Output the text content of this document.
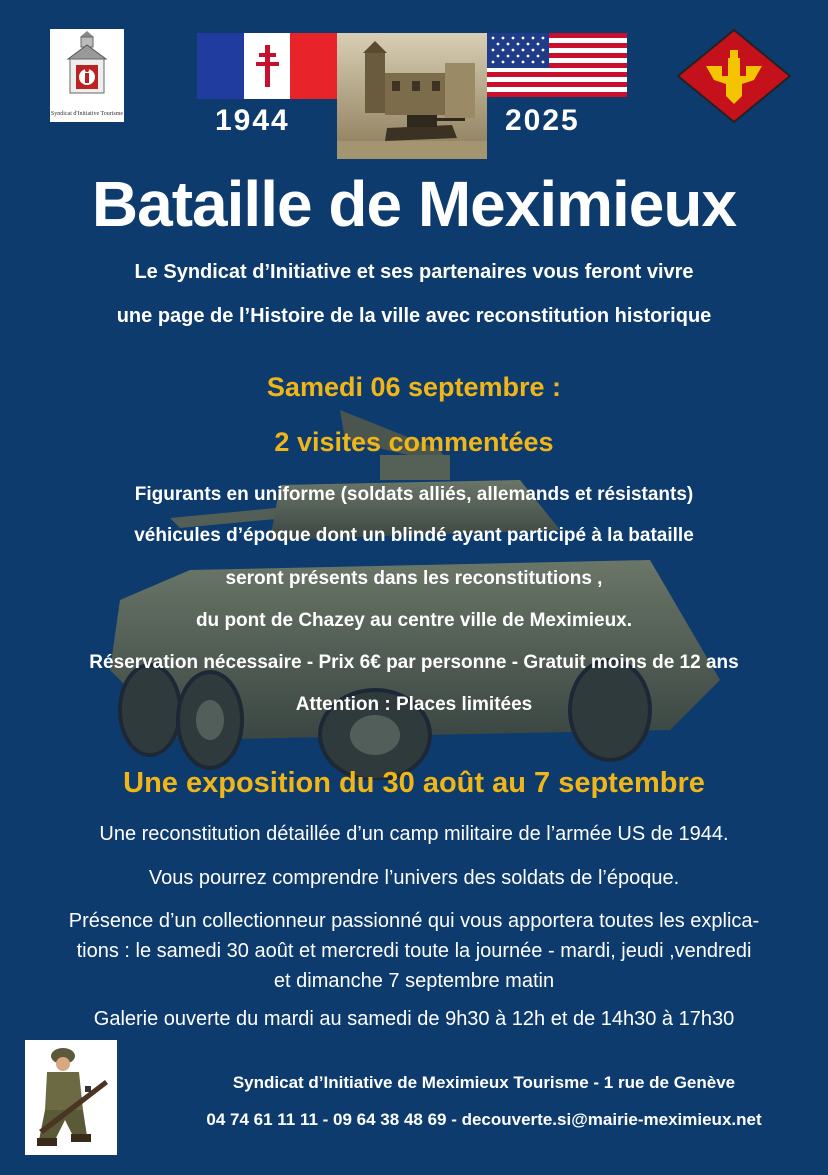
Syndicat d'Initiative Tourisme	1944	2025
Bataille de Meximieux
Le Syndicat d’Initiative et ses partenaires vous feront vivre
une page de l’Histoire de la ville avec reconstitution historique
Samedi 06 septembre :
2 visites commentées
Figurants en uniforme (soldats alliés, allemands et résistants)
véhicules d’époque dont un blindé ayant participé à la bataille
seront présents dans les reconstitutions ,
du pont de Chazey au centre ville de Meximieux.
Réservation nécessaire - Prix 6€ par personne - Gratuit moins de 12 ans
Attention : Places limitées
Une exposition du 30 août au 7 septembre
Une reconstitution détaillée d’un camp militaire de l’armée US de 1944.
Vous pourrez comprendre l’univers des soldats de l’époque.
Présence d’un collectionneur passionné qui vous apportera toutes les explica-
tions : le samedi 30 août et mercredi toute la journée - mardi, jeudi ,vendredi
et dimanche 7 septembre matin
Galerie ouverte du mardi au samedi de 9h30 à 12h et de 14h30 à 17h30
Syndicat d’Initiative de Meximieux Tourisme - 1 rue de Genève
04 74 61 11 11 - 09 64 38 48 69 - decouverte.si@mairie-meximieux.net
